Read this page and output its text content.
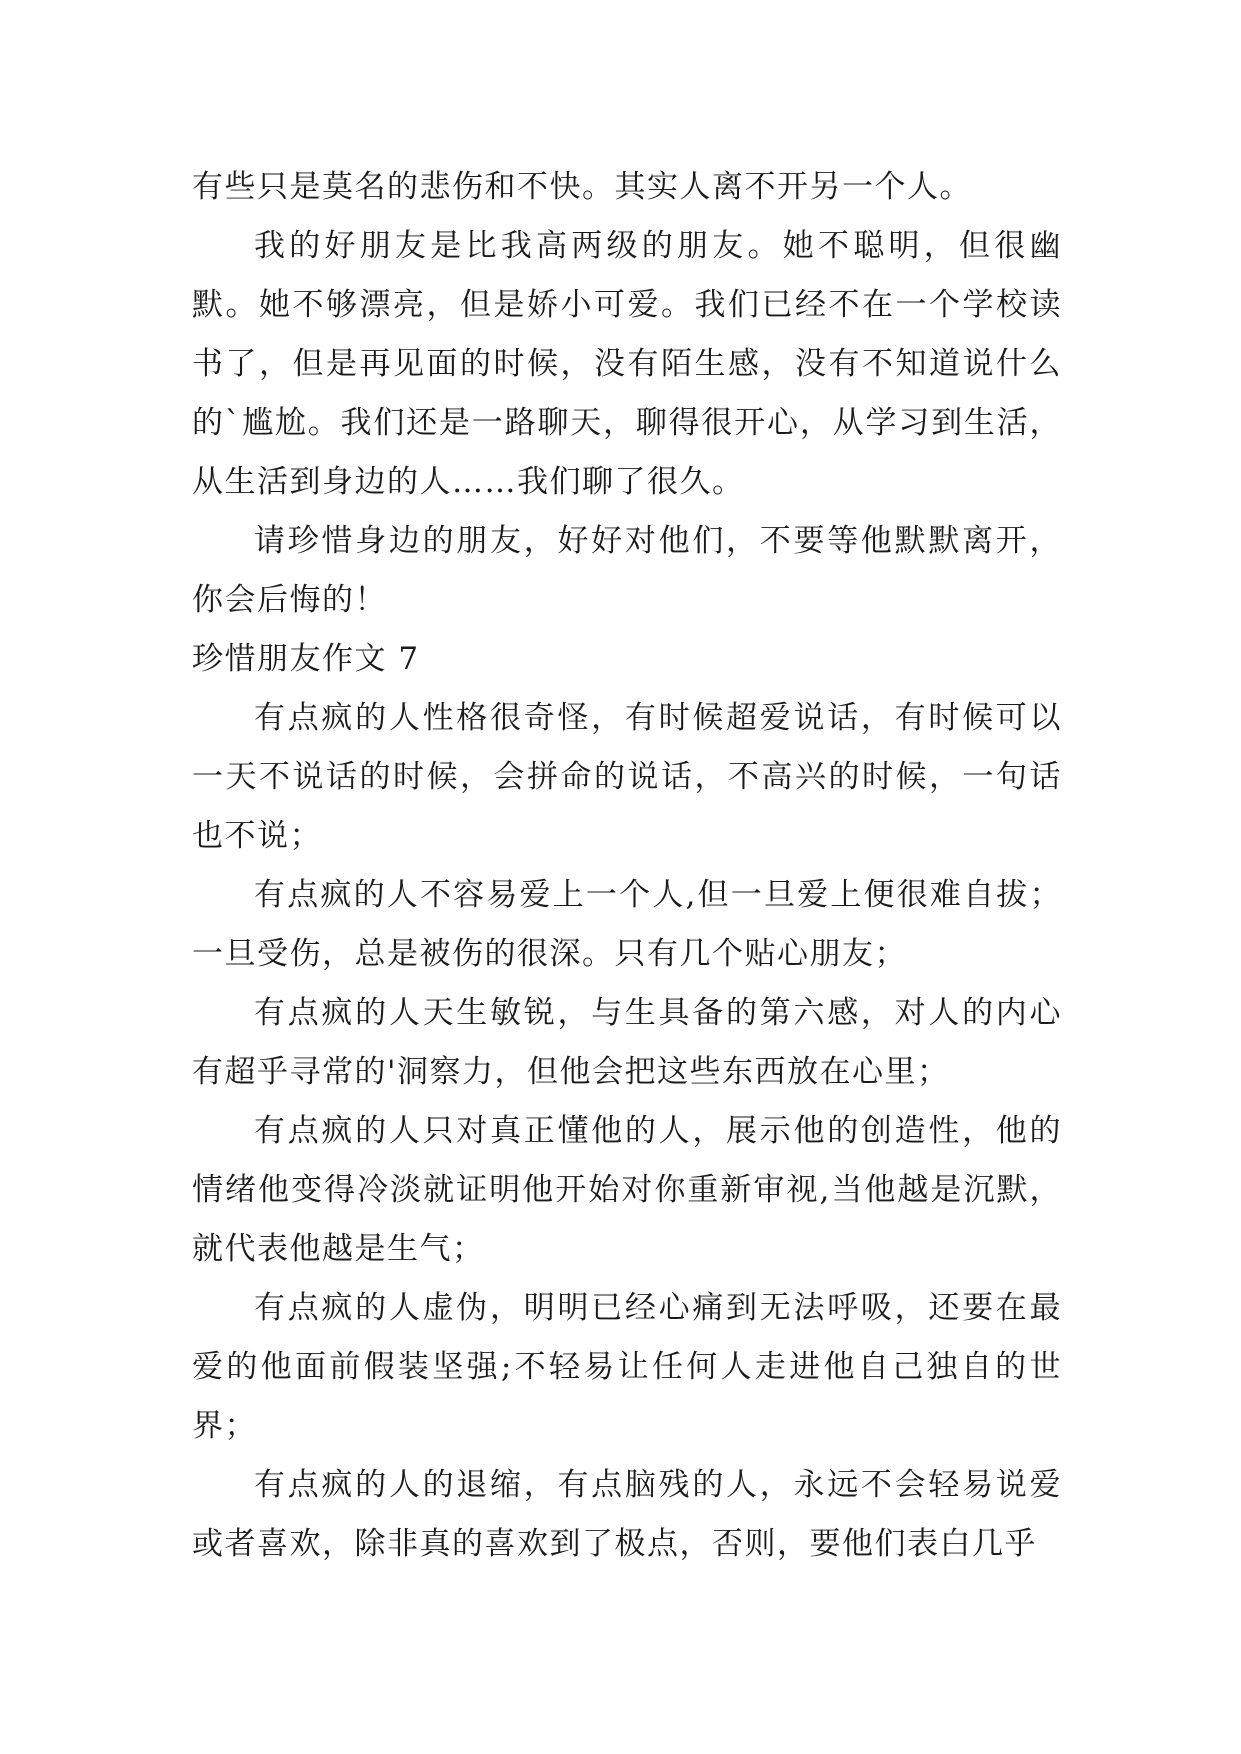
有些只是莫名的悲伤和不快。其实人离不开另一个人。

我的好朋友是比我高两级的朋友。她不聪明，但很幽默。她不够漂亮，但是娇小可爱。我们已经不在一个学校读书了，但是再见面的时候，没有陌生感，没有不知道说什么的`尴尬。我们还是一路聊天，聊得很开心，从学习到生活，从生活到身边的人……我们聊了很久。

请珍惜身边的朋友，好好对他们，不要等他默默离开，你会后悔的！

珍惜朋友作文 7

有点疯的人性格很奇怪，有时候超爱说话，有时候可以一天不说话的时候，会拼命的说话，不高兴的时候，一句话也不说；

有点疯的人不容易爱上一个人,但一旦爱上便很难自拔；一旦受伤，总是被伤的很深。只有几个贴心朋友；

有点疯的人天生敏锐，与生具备的第六感，对人的内心有超乎寻常的'洞察力，但他会把这些东西放在心里；

有点疯的人只对真正懂他的人，展示他的创造性，他的情绪他变得冷淡就证明他开始对你重新审视,当他越是沉默，就代表他越是生气；

有点疯的人虚伪，明明已经心痛到无法呼吸，还要在最爱的他面前假装坚强;不轻易让任何人走进他自己独自的世界；

有点疯的人的退缩，有点脑残的人，永远不会轻易说爱或者喜欢，除非真的喜欢到了极点，否则，要他们表白几乎
